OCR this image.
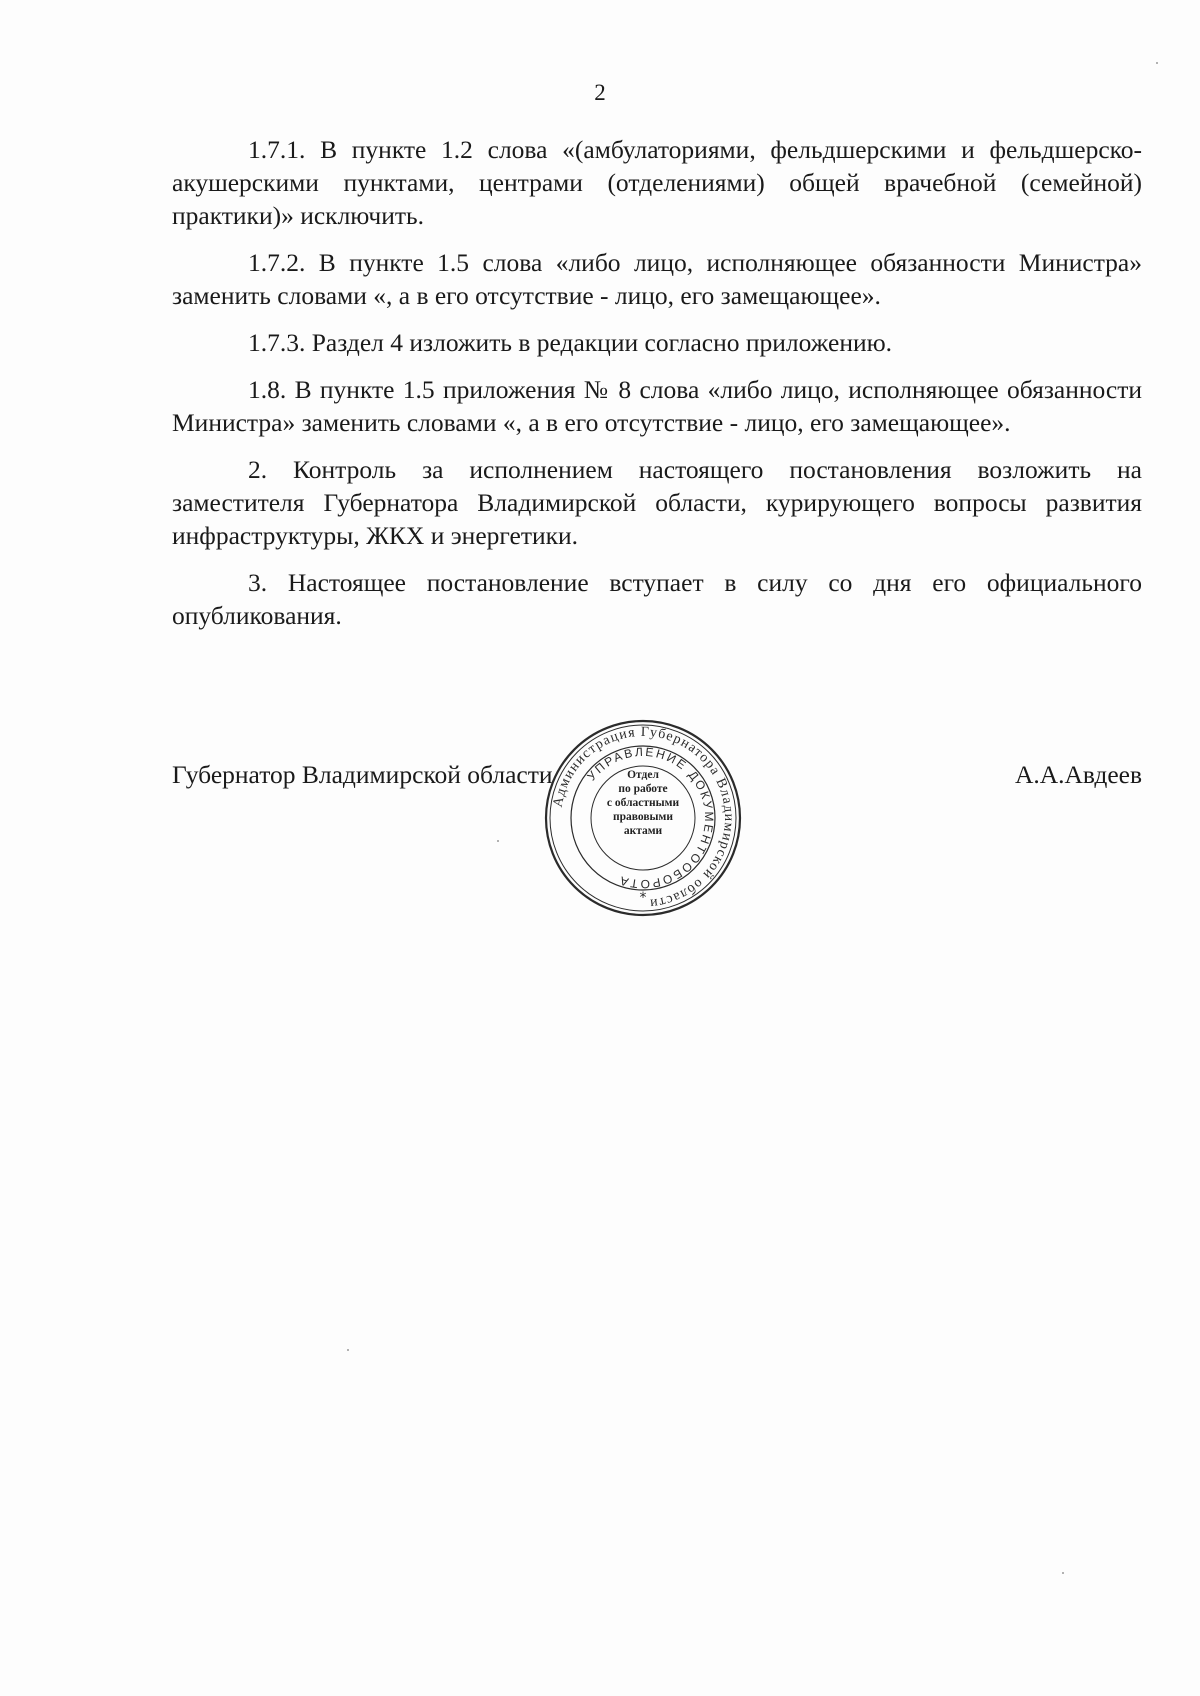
2

1.7.1. В пункте 1.2 слова «(амбулаториями, фельдшерскими и фельдшерско-акушерскими пунктами, центрами (отделениями) общей врачебной (семейной) практики)» исключить.

1.7.2. В пункте 1.5 слова «либо лицо, исполняющее обязанности Министра» заменить словами «, а в его отсутствие - лицо, его замещающее».

1.7.3. Раздел 4 изложить в редакции согласно приложению.

1.8. В пункте 1.5 приложения № 8 слова «либо лицо, исполняющее обязанности Министра» заменить словами «, а в его отсутствие - лицо, его замещающее».

2. Контроль за исполнением настоящего постановления возложить на заместителя Губернатора Владимирской области, курирующего вопросы развития инфраструктуры, ЖКХ и энергетики.

3. Настоящее постановление вступает в силу со дня его официального опубликования.

Губернатор Владимирской области	А.А.Авдеев
Администрация Губернатора Владимирской области
УПРАВЛЕНИЕ ДОКУМЕНТООБОРОТА
*
Отдел
по работе
с областными
правовыми
актами
